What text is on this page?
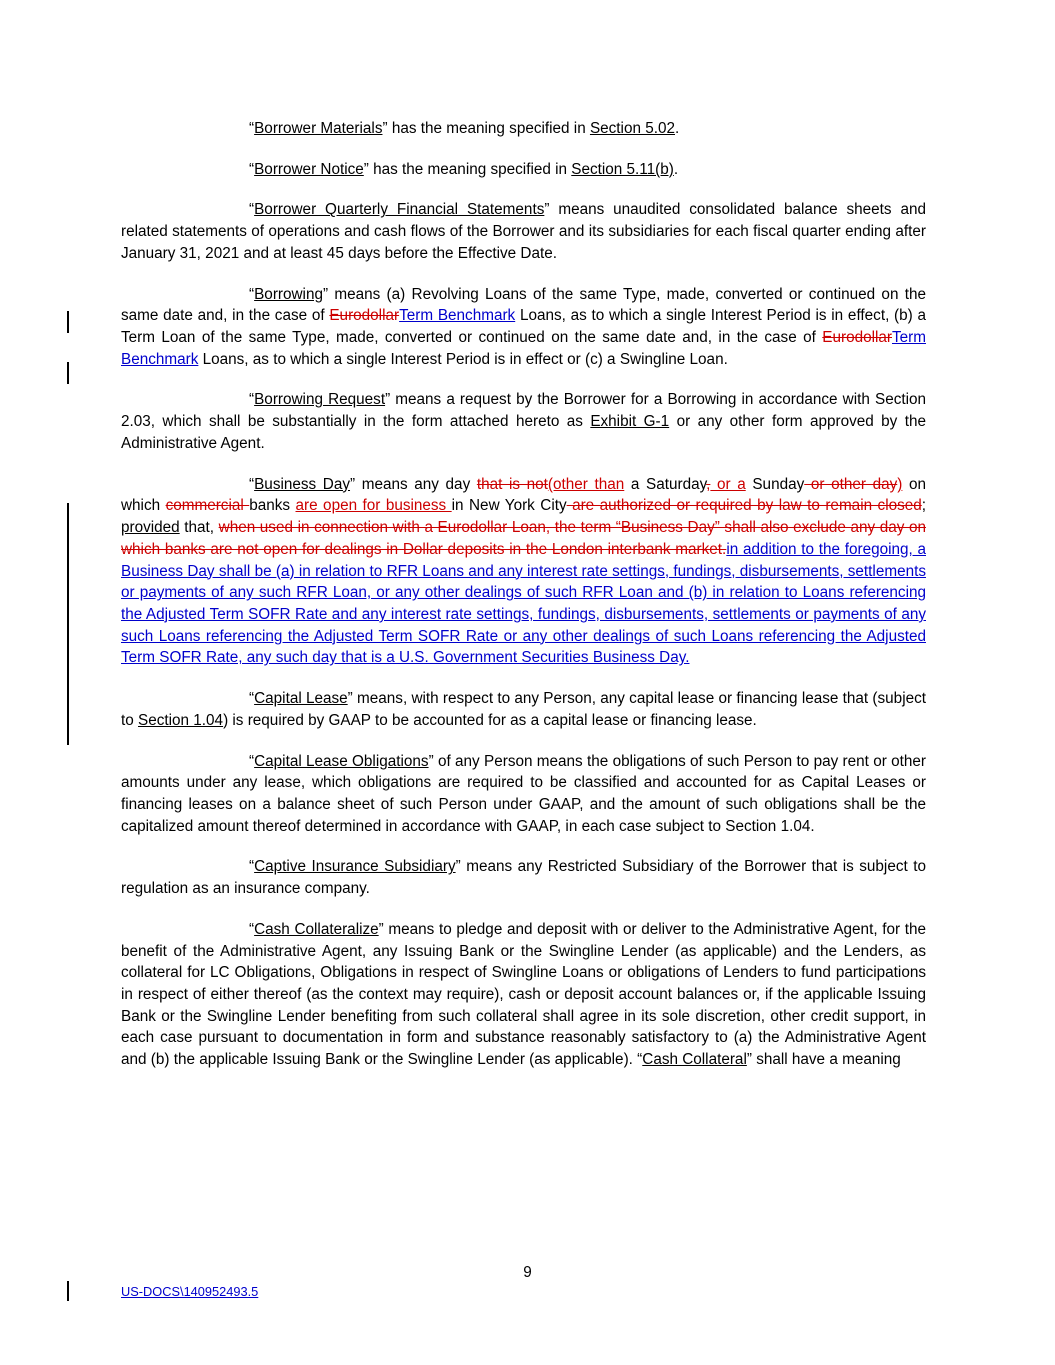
“Borrower Materials” has the meaning specified in Section 5.02.

“Borrower Notice” has the meaning specified in Section 5.11(b).

“Borrower Quarterly Financial Statements” means unaudited consolidated balance sheets and related statements of operations and cash flows of the Borrower and its subsidiaries for each fiscal quarter ending after January 31, 2021 and at least 45 days before the Effective Date.

“Borrowing” means (a) Revolving Loans of the same Type, made, converted or continued on the same date and, in the case of EurodollarTerm Benchmark Loans, as to which a single Interest Period is in effect, (b) a Term Loan of the same Type, made, converted or continued on the same date and, in the case of EurodollarTerm Benchmark Loans, as to which a single Interest Period is in effect or (c) a Swingline Loan.

“Borrowing Request” means a request by the Borrower for a Borrowing in accordance with Section 2.03, which shall be substantially in the form attached hereto as Exhibit G-1 or any other form approved by the Administrative Agent.

“Business Day” means any day that is not(other than a Saturday, or a Sunday or other day) on which commercial banks are open for business in New York City are authorized or required by law to remain closed; provided that, when used in connection with a Eurodollar Loan, the term “Business Day” shall also exclude any day on which banks are not open for dealings in Dollar deposits in the London interbank market.in addition to the foregoing, a Business Day shall be (a) in relation to RFR Loans and any interest rate settings, fundings, disbursements, settlements or payments of any such RFR Loan, or any other dealings of such RFR Loan and (b) in relation to Loans referencing the Adjusted Term SOFR Rate and any interest rate settings, fundings, disbursements, settlements or payments of any such Loans referencing the Adjusted Term SOFR Rate or any other dealings of such Loans referencing the Adjusted Term SOFR Rate, any such day that is a U.S. Government Securities Business Day.

“Capital Lease” means, with respect to any Person, any capital lease or financing lease that (subject to Section 1.04) is required by GAAP to be accounted for as a capital lease or financing lease.

“Capital Lease Obligations” of any Person means the obligations of such Person to pay rent or other amounts under any lease, which obligations are required to be classified and accounted for as Capital Leases or financing leases on a balance sheet of such Person under GAAP, and the amount of such obligations shall be the capitalized amount thereof determined in accordance with GAAP, in each case subject to Section 1.04.

“Captive Insurance Subsidiary” means any Restricted Subsidiary of the Borrower that is subject to regulation as an insurance company.

“Cash Collateralize” means to pledge and deposit with or deliver to the Administrative Agent, for the benefit of the Administrative Agent, any Issuing Bank or the Swingline Lender (as applicable) and the Lenders, as collateral for LC Obligations, Obligations in respect of Swingline Loans or obligations of Lenders to fund participations in respect of either thereof (as the context may require), cash or deposit account balances or, if the applicable Issuing Bank or the Swingline Lender benefiting from such collateral shall agree in its sole discretion, other credit support, in each case pursuant to documentation in form and substance reasonably satisfactory to (a) the Administrative Agent and (b) the applicable Issuing Bank or the Swingline Lender (as applicable). “Cash Collateral” shall have a meaning

9
US-DOCS\140952493.5
